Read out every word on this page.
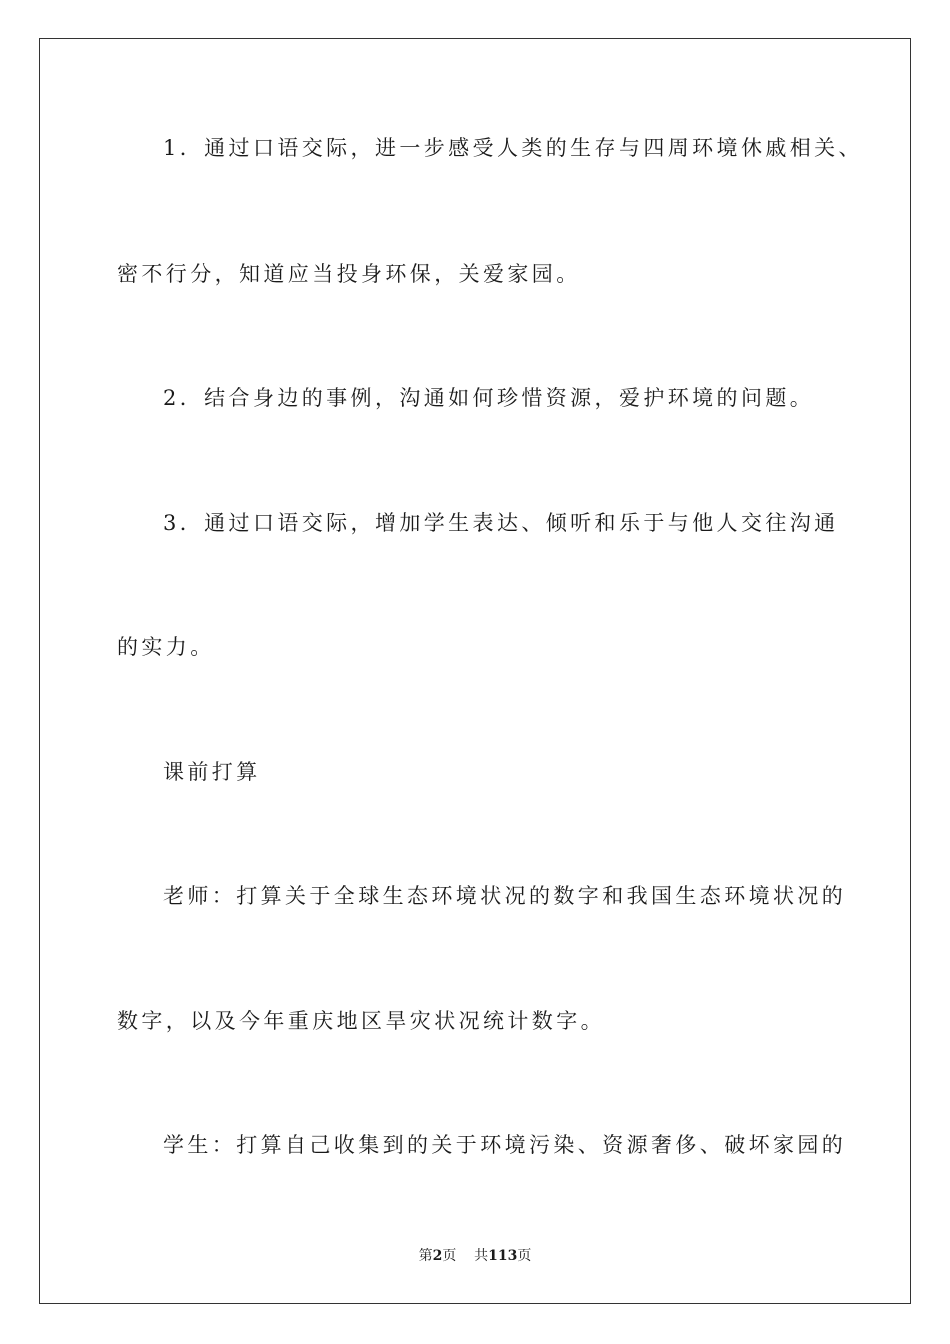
1．通过口语交际，进一步感受人类的生存与四周环境休戚相关、
密不行分，知道应当投身环保，关爱家园。
2．结合身边的事例，沟通如何珍惜资源，爱护环境的问题。
3．通过口语交际，增加学生表达、倾听和乐于与他人交往沟通
的实力。
课前打算
老师：打算关于全球生态环境状况的数字和我国生态环境状况的
数字，以及今年重庆地区旱灾状况统计数字。
学生：打算自己收集到的关于环境污染、资源奢侈、破坏家园的
第2页 共113页
